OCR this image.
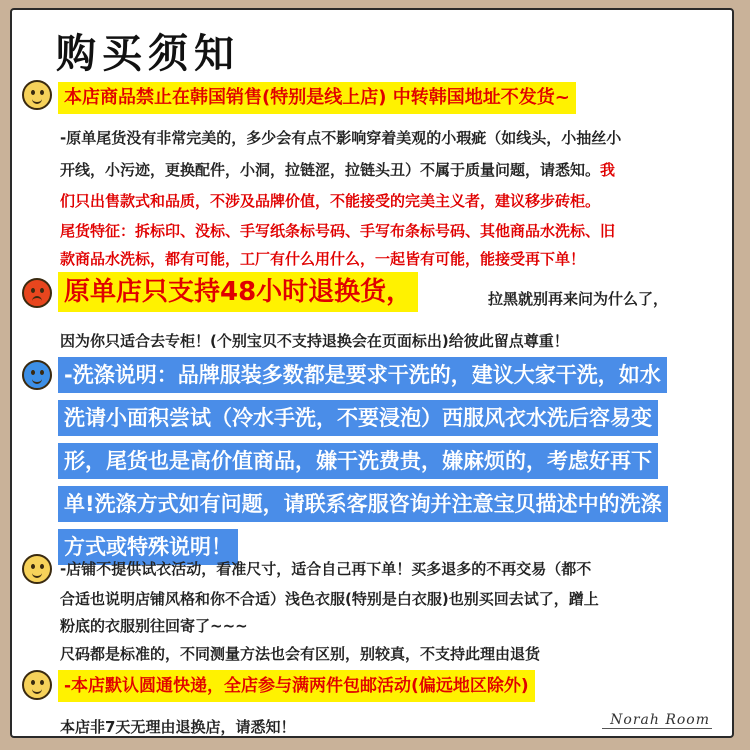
购买须知
本店商品禁止在韩国销售(特别是线上店) 中转韩国地址不发货~
-原单尾货没有非常完美的，多少会有点不影响穿着美观的小瑕疵（如线头，小抽丝小
开线，小污迹，更换配件，小洞，拉链涩，拉链头丑）不属于质量问题，请悉知。我
们只出售款式和品质，不涉及品牌价值，不能接受的完美主义者，建议移步砖柜。
尾货特征：拆标印、没标、手写纸条标号码、手写布条标号码、其他商品水洗标、旧
款商品水洗标，都有可能，工厂有什么用什么，一起皆有可能，能接受再下单！
原单店只支持48小时退换货，	拉黑就别再来问为什么了，
因为你只适合去专柜！(个别宝贝不支持退换会在页面标出)给彼此留点尊重！
-洗涤说明：品牌服装多数都是要求干洗的，建议大家干洗，如水
洗请小面积尝试（冷水手洗，不要浸泡）西服风衣水洗后容易变
形，尾货也是高价值商品，嫌干洗费贵，嫌麻烦的，考虑好再下
单!洗涤方式如有问题，请联系客服咨询并注意宝贝描述中的洗涤
方式或特殊说明！
-店铺不提供试衣活动，看准尺寸，适合自己再下单！买多退多的不再交易（都不
合适也说明店铺风格和你不合适）浅色衣服(特别是白衣服)也别买回去试了，蹭上
粉底的衣服别往回寄了~~~
尺码都是标准的，不同测量方法也会有区别，别较真，不支持此理由退货
-本店默认圆通快递，全店参与满两件包邮活动(偏远地区除外)
本店非7天无理由退换店，请悉知！	Norah Room
